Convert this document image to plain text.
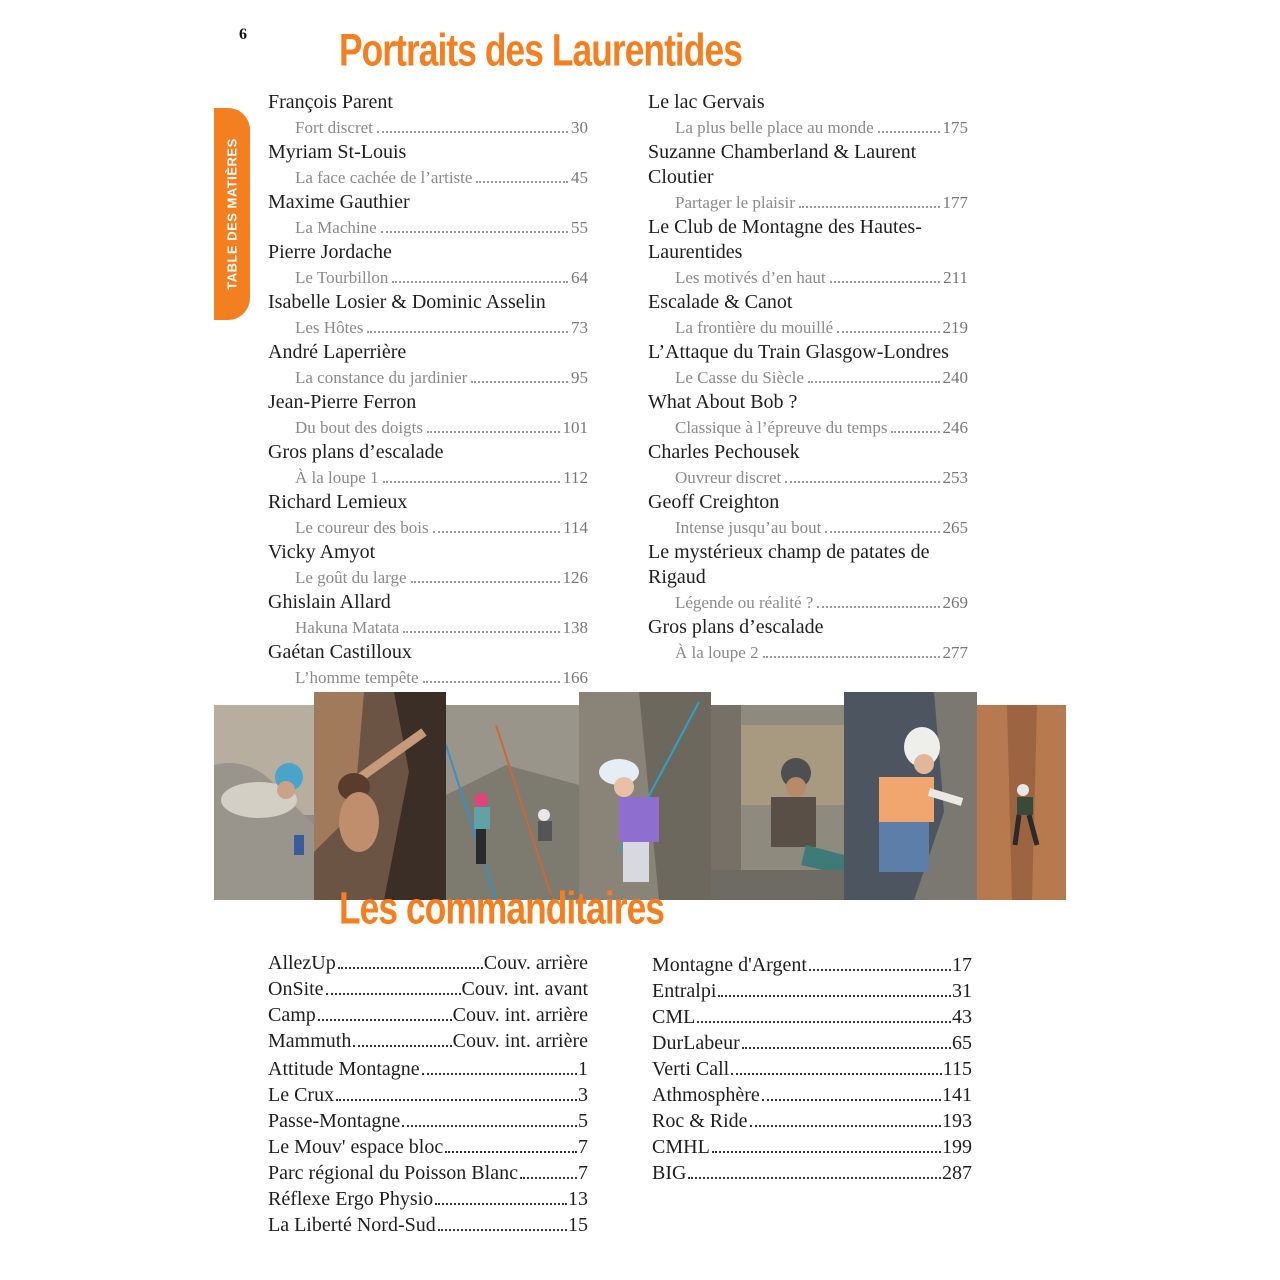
6 Portraits des Laurentides
TABLE DES MATIÈRES
François Parent
Fort discret	30
Myriam St-Louis
La face cachée de l’artiste	45
Maxime Gauthier
La Machine	55
Pierre Jordache
Le Tourbillon	64
Isabelle Losier & Dominic Asselin
Les Hôtes	73
André Laperrière
La constance du jardinier	95
Jean-Pierre Ferron
Du bout des doigts	101
Gros plans d’escalade
À la loupe 1	112
Richard Lemieux
Le coureur des bois	114
Vicky Amyot
Le goût du large	126
Ghislain Allard
Hakuna Matata	138
Gaétan Castilloux
L’homme tempête	166
Le lac Gervais
La plus belle place au monde	175
Suzanne Chamberland & Laurent Cloutier
Partager le plaisir	177
Le Club de Montagne des Hautes-Laurentides
Les motivés d’en haut	211
Escalade & Canot
La frontière du mouillé	219
L’Attaque du Train Glasgow-Londres
Le Casse du Siècle	240
What About Bob ?
Classique à l’épreuve du temps	246
Charles Pechousek
Ouvreur discret	253
Geoff Creighton
Intense jusqu’au bout	265
Le mystérieux champ de patates de Rigaud
Légende ou réalité ?	269
Gros plans d’escalade
À la loupe 2	277
Les commanditaires
AllezUp	Couv. arrière
OnSite	Couv. int. avant
Camp	Couv. int. arrière
Mammuth	Couv. int. arrière
Attitude Montagne	1
Le Crux	3
Passe-Montagne	5
Le Mouv' espace bloc	7
Parc régional du Poisson Blanc	7
Réflexe Ergo Physio	13
La Liberté Nord-Sud	15
Montagne d'Argent	17
Entralpi	31
CML	43
DurLabeur	65
Verti Call	115
Athmosphère	141
Roc & Ride	193
CMHL	199
BIG	287
